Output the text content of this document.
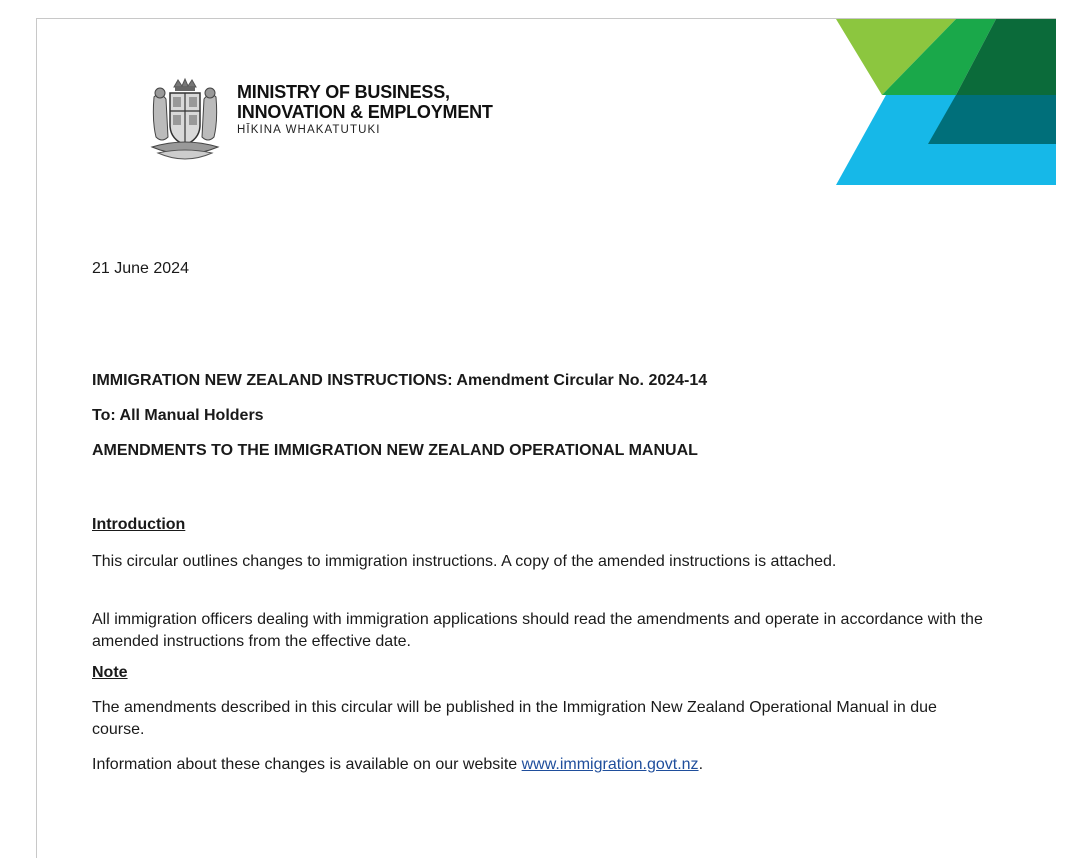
MINISTRY OF BUSINESS,
INNOVATION & EMPLOYMENT
HĪKINA WHAKATUTUKI
21 June 2024
IMMIGRATION NEW ZEALAND INSTRUCTIONS: Amendment Circular No. 2024-14
To: All Manual Holders
AMENDMENTS TO THE IMMIGRATION NEW ZEALAND OPERATIONAL MANUAL
Introduction
This circular outlines changes to immigration instructions. A copy of the amended instructions is attached.
All immigration officers dealing with immigration applications should read the amendments and operate in accordance with the amended instructions from the effective date.
Note
The amendments described in this circular will be published in the Immigration New Zealand Operational Manual in due course.
Information about these changes is available on our website www.immigration.govt.nz.
